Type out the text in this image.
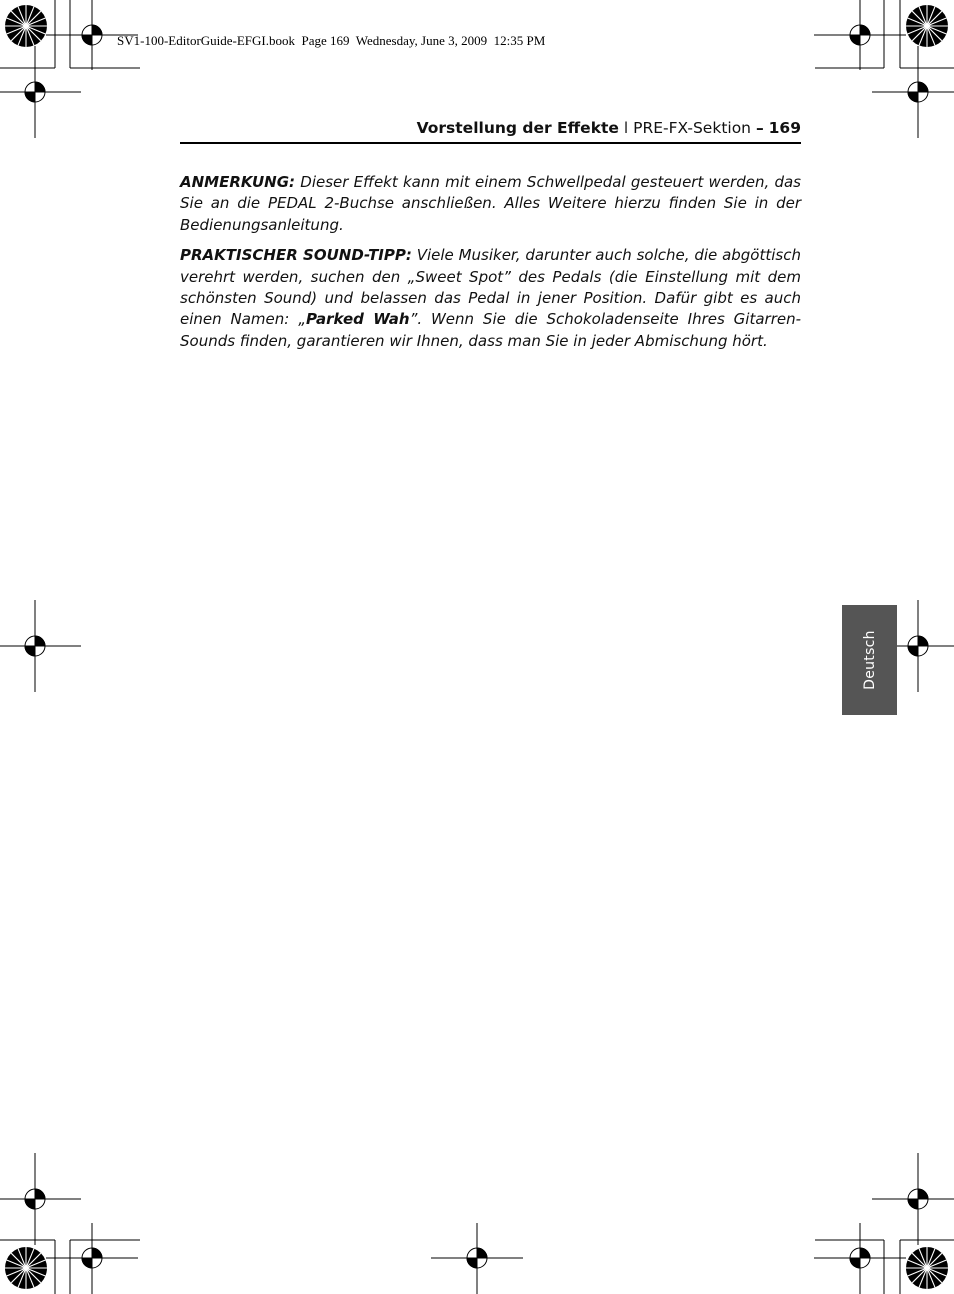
SV1-100-EditorGuide-EFGI.book  Page 169  Wednesday, June 3, 2009  12:35 PM
Vorstellung der Effekte l PRE-FX-Sektion – 169

ANMERKUNG: Dieser Effekt kann mit einem Schwellpedal gesteuert werden, das Sie an die PEDAL 2-Buchse anschließen. Alles Weitere hierzu finden Sie in der Bedienungsanleitung.

PRAKTISCHER SOUND-TIPP: Viele Musiker, darunter auch solche, die abgöttisch verehrt werden, suchen den „Sweet Spot” des Pedals (die Einstellung mit dem schönsten Sound) und belassen das Pedal in jener Position. Dafür gibt es auch einen Namen: „Parked Wah”. Wenn Sie die Schokoladenseite Ihres Gitarren-Sounds finden, garantieren wir Ihnen, dass man Sie in jeder Abmischung hört.

Deutsch
